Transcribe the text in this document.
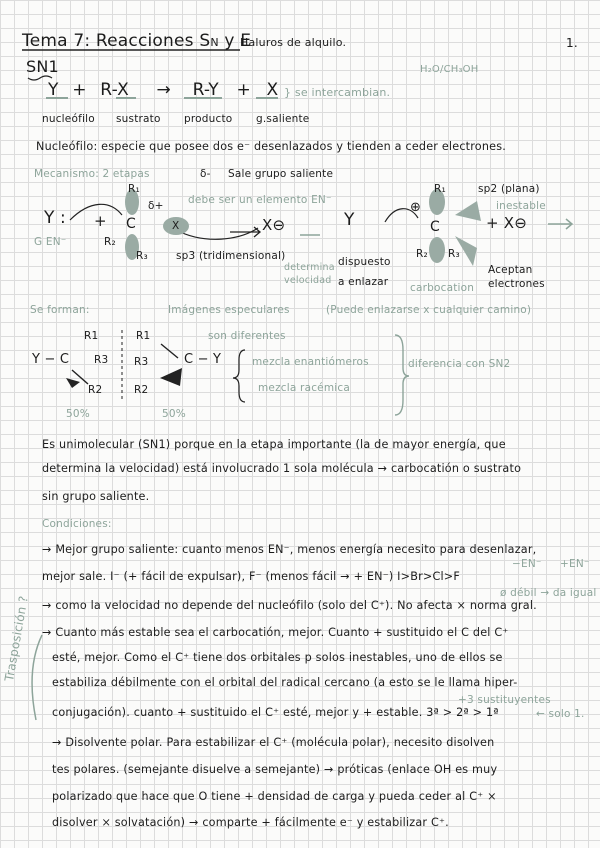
Tema 7: Reacciones SN y E
Haluros de alquilo.	1.
SN1	H₂O/CH₃OH
Y + R-X → R-Y + X } se intercambian.
nucleófilo sustrato producto g.saliente
Nucleófilo: especie que posee dos e⁻ desenlazados y tienden a ceder electrones.
Mecanismo: 2 etapas	δ- Sale grupo saliente
R₁
δ+ debe ser un elemento EN⁻
Y : + C	X	X⊖
R₂
R₃	sp3 (tridimensional)
G EN⁻
determina
velocidad
Y
dispuesto
a enlazar
⊕
R₁
C	+ X⊖
sp2 (plana)
inestable
R₂ R₃
carbocation
Aceptan
electrones
Se forman:	Imágenes especulares	(Puede enlazarse x cualquier camino)
son diferentes
mezcla enantiómeros
mezcla racémica
diferencia con SN2
R1
Y − C R3
R2
50%
R1
R3	C − Y
R2
50%
Es unimolecular (SN1) porque en la etapa importante (la de mayor energía, que
determina la velocidad) está involucrado 1 sola molécula → carbocatión o sustrato
sin grupo saliente.
Condiciones:
→ Mejor grupo saliente: cuanto menos EN⁻, menos energía necesito para desenlazar,
−EN⁻ +EN⁻
mejor sale. I⁻ (+ fácil de expulsar), F⁻ (menos fácil → + EN⁻) I>Br>Cl>F
ø débil → da igual
→ como la velocidad no depende del nucleófilo (solo del C⁺). No afecta × norma gral.
→ Cuanto más estable sea el carbocatión, mejor. Cuanto + sustituido el C del C⁺
esté, mejor. Como el C⁺ tiene dos orbitales p solos inestables, uno de ellos se
estabiliza débilmente con el orbital del radical cercano (a esto se le llama hiper-
+3 sustituyentes
conjugación). cuanto + sustituido el C⁺ esté, mejor y + estable. 3ª > 2ª > 1ª	← solo 1.
Trasposición ?
→ Disolvente polar. Para estabilizar el C⁺ (molécula polar), necesito disolven
tes polares. (semejante disuelve a semejante) → próticas (enlace OH es muy
polarizado que hace que O tiene + densidad de carga y pueda ceder al C⁺ ×
disolver × solvatación) → comparte + fácilmente e⁻ y estabilizar C⁺.
